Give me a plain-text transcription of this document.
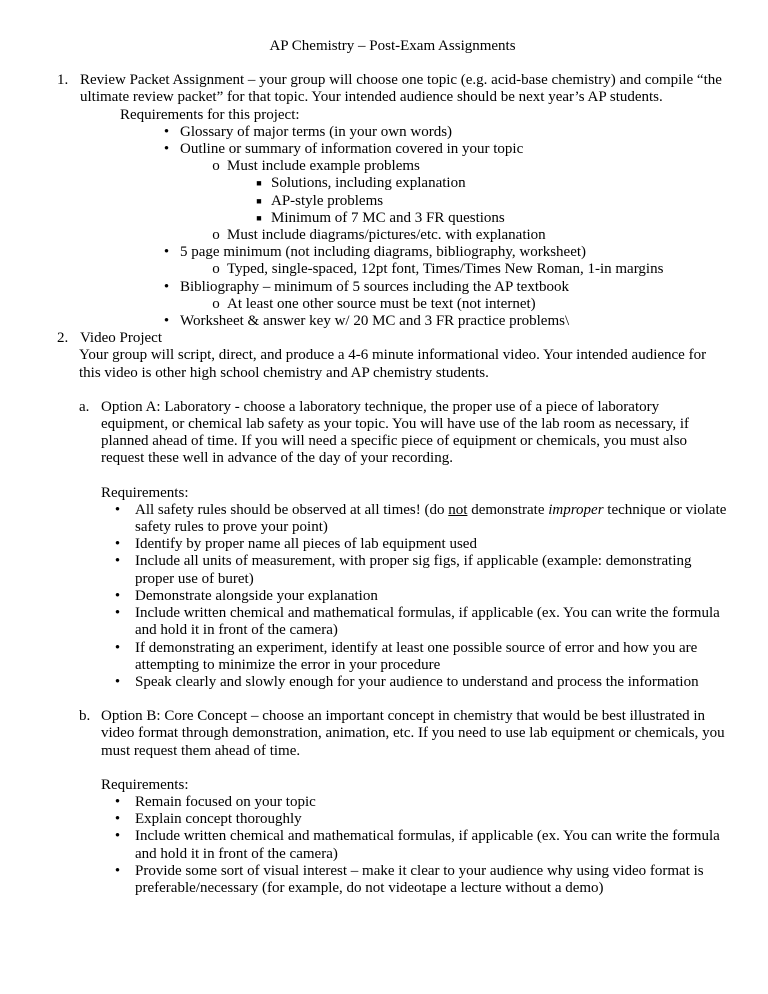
AP Chemistry – Post-Exam Assignments
1. Review Packet Assignment – your group will choose one topic (e.g. acid-base chemistry) and compile “the ultimate review packet” for that topic. Your intended audience should be next year’s AP students.
Requirements for this project:
• Glossary of major terms (in your own words)
• Outline or summary of information covered in your topic
o Must include example problems
■ Solutions, including explanation
■ AP-style problems
■ Minimum of 7 MC and 3 FR questions
o Must include diagrams/pictures/etc. with explanation
• 5 page minimum (not including diagrams, bibliography, worksheet)
o Typed, single-spaced, 12pt font, Times/Times New Roman, 1-in margins
• Bibliography – minimum of 5 sources including the AP textbook
o At least one other source must be text (not internet)
• Worksheet & answer key w/ 20 MC and 3 FR practice problems\
2. Video Project
Your group will script, direct, and produce a 4-6 minute informational video. Your intended audience for this video is other high school chemistry and AP chemistry students.
a. Option A: Laboratory - choose a laboratory technique, the proper use of a piece of laboratory equipment, or chemical lab safety as your topic. You will have use of the lab room as necessary, if planned ahead of time. If you will need a specific piece of equipment or chemicals, you must also request these well in advance of the day of your recording.
Requirements:
• All safety rules should be observed at all times! (do not demonstrate improper technique or violate safety rules to prove your point)
• Identify by proper name all pieces of lab equipment used
• Include all units of measurement, with proper sig figs, if applicable (example: demonstrating proper use of buret)
• Demonstrate alongside your explanation
• Include written chemical and mathematical formulas, if applicable (ex. You can write the formula and hold it in front of the camera)
• If demonstrating an experiment, identify at least one possible source of error and how you are attempting to minimize the error in your procedure
• Speak clearly and slowly enough for your audience to understand and process the information
b. Option B: Core Concept – choose an important concept in chemistry that would be best illustrated in video format through demonstration, animation, etc. If you need to use lab equipment or chemicals, you must request them ahead of time.
Requirements:
• Remain focused on your topic
• Explain concept thoroughly
• Include written chemical and mathematical formulas, if applicable (ex. You can write the formula and hold it in front of the camera)
• Provide some sort of visual interest – make it clear to your audience why using video format is preferable/necessary (for example, do not videotape a lecture without a demo)
